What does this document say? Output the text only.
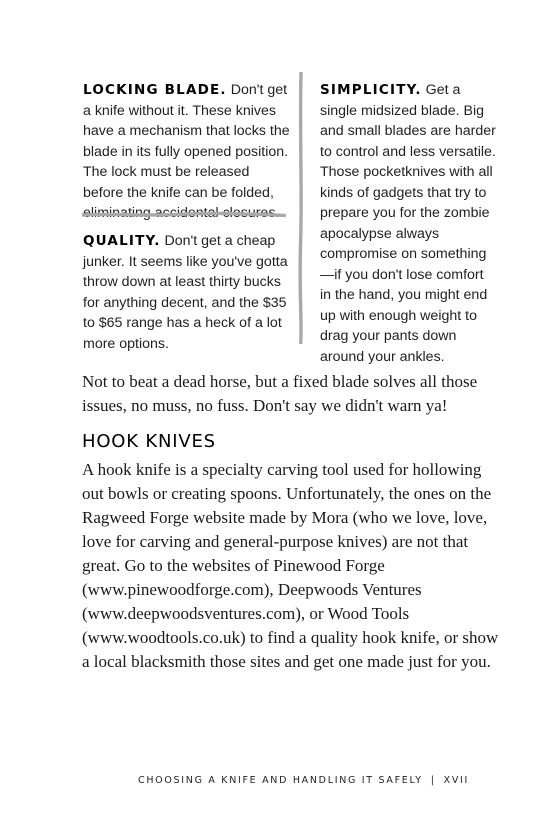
LOCKING BLADE. Don't get a knife without it. These knives have a mechanism that locks the blade in its fully opened position. The lock must be released before the knife can be folded, eliminating accidental closures.

QUALITY. Don't get a cheap junker. It seems like you've gotta throw down at least thirty bucks for anything decent, and the $35 to $65 range has a heck of a lot more options.

SIMPLICITY. Get a single midsized blade. Big and small blades are harder to control and less versatile. Those pocketknives with all kinds of gadgets that try to prepare you for the zombie apocalypse always compromise on something—if you don't lose comfort in the hand, you might end up with enough weight to drag your pants down around your ankles.

Not to beat a dead horse, but a fixed blade solves all those issues, no muss, no fuss. Don't say we didn't warn ya!

HOOK KNIVES

A hook knife is a specialty carving tool used for hollowing out bowls or creating spoons. Unfortunately, the ones on the Ragweed Forge website made by Mora (who we love, love, love for carving and general-purpose knives) are not that great. Go to the websites of Pinewood Forge (www.pinewoodforge.com), Deepwoods Ventures (www.deepwoodsventures.com), or Wood Tools (www.woodtools.co.uk) to find a quality hook knife, or show a local blacksmith those sites and get one made just for you.

CHOOSING A KNIFE AND HANDLING IT SAFELY | XVII
